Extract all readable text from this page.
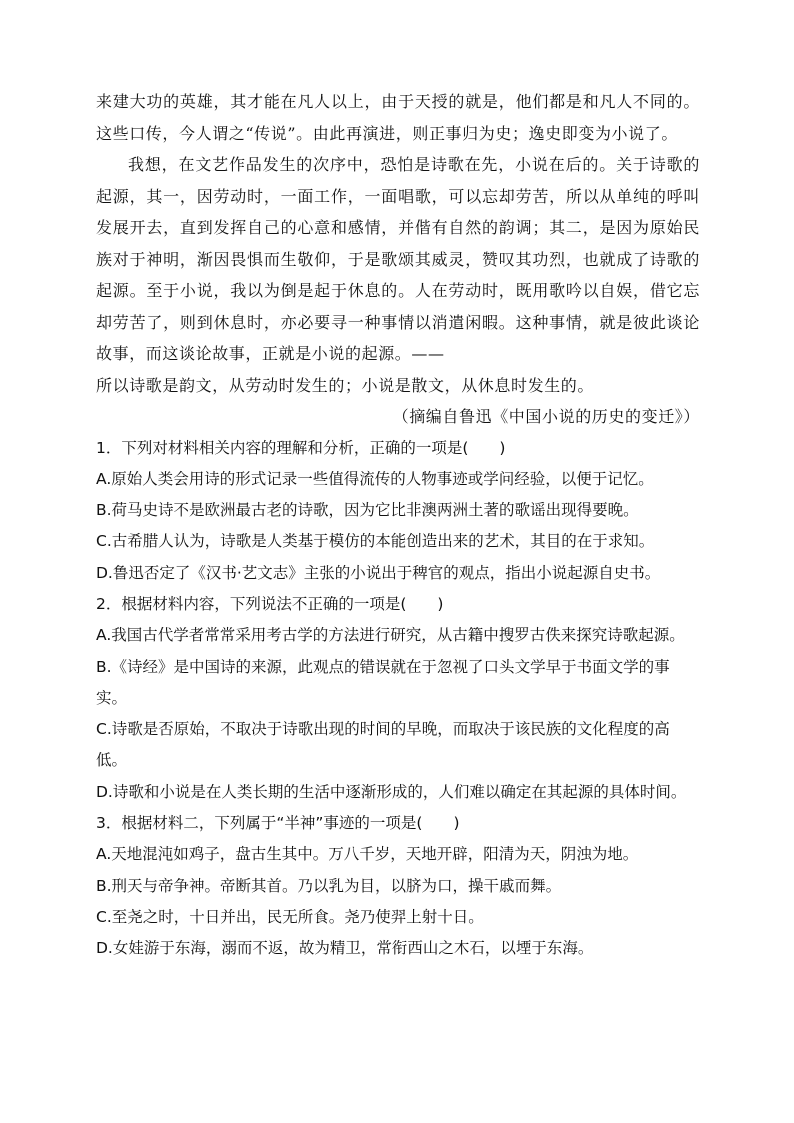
来建大功的英雄，其才能在凡人以上，由于天授的就是，他们都是和凡人不同的。这些口传，今人谓之“传说”。由此再演进，则正事归为史；逸史即变为小说了。

我想，在文艺作品发生的次序中，恐怕是诗歌在先，小说在后的。关于诗歌的起源，其一，因劳动时，一面工作，一面唱歌，可以忘却劳苦，所以从单纯的呼叫发展开去，直到发挥自己的心意和感情，并偕有自然的韵调；其二，是因为原始民族对于神明，渐因畏惧而生敬仰，于是歌颂其威灵，赞叹其功烈，也就成了诗歌的起源。至于小说，我以为倒是起于休息的。人在劳动时，既用歌吟以自娱，借它忘却劳苦了，则到休息时，亦必要寻一种事情以消遣闲暇。这种事情，就是彼此谈论故事，而这谈论故事，正就是小说的起源。——

所以诗歌是韵文，从劳动时发生的；小说是散文，从休息时发生的。

（摘编自鲁迅《中国小说的历史的变迁》）

1．下列对材料相关内容的理解和分析，正确的一项是(　　)

A.原始人类会用诗的形式记录一些值得流传的人物事迹或学问经验，以便于记忆。

B.荷马史诗不是欧洲最古老的诗歌，因为它比非澳两洲土著的歌谣出现得要晚。

C.古希腊人认为，诗歌是人类基于模仿的本能创造出来的艺术，其目的在于求知。

D.鲁迅否定了《汉书·艺文志》主张的小说出于稗官的观点，指出小说起源自史书。

2．根据材料内容，下列说法不正确的一项是(　　)

A.我国古代学者常常采用考古学的方法进行研究，从古籍中搜罗古佚来探究诗歌起源。

B.《诗经》是中国诗的来源，此观点的错误就在于忽视了口头文学早于书面文学的事实。

C.诗歌是否原始，不取决于诗歌出现的时间的早晚，而取决于该民族的文化程度的高低。

D.诗歌和小说是在人类长期的生活中逐渐形成的，人们难以确定在其起源的具体时间。

3．根据材料二，下列属于“半神”事迹的一项是(　　)

A.天地混沌如鸡子，盘古生其中。万八千岁，天地开辟，阳清为天，阴浊为地。

B.刑天与帝争神。帝断其首。乃以乳为目，以脐为口，操干戚而舞。

C.至尧之时，十日并出，民无所食。尧乃使羿上射十日。

D.女娃游于东海，溺而不返，故为精卫，常衔西山之木石，以堙于东海。
